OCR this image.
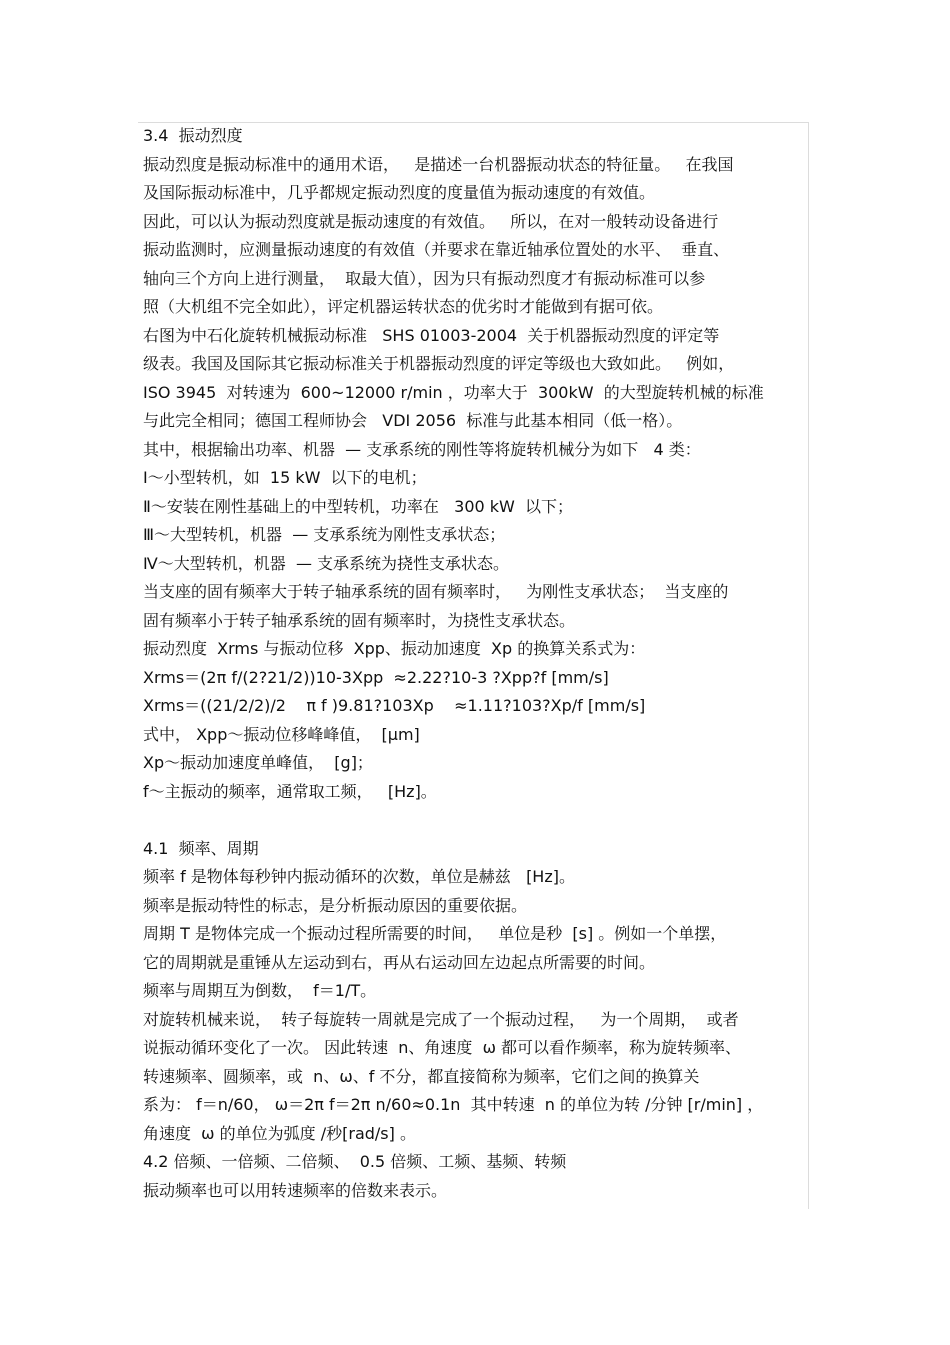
3.4  振动烈度
振动烈度是振动标准中的通用术语，   是描述一台机器振动状态的特征量。   在我国
及国际振动标准中，几乎都规定振动烈度的度量值为振动速度的有效值。
因此，可以认为振动烈度就是振动速度的有效值。   所以，在对一般转动设备进行
振动监测时，应测量振动速度的有效值（并要求在靠近轴承位置处的水平、  垂直、
轴向三个方向上进行测量，  取最大值），因为只有振动烈度才有振动标准可以参
照（大机组不完全如此），评定机器运转状态的优劣时才能做到有据可依。
右图为中石化旋转机械振动标准   SHS 01003-2004  关于机器振动烈度的评定等
级表。我国及国际其它振动标准关于机器振动烈度的评定等级也大致如此。   例如，
ISO 3945  对转速为  600~12000 r/min ，功率大于  300kW  的大型旋转机械的标准
与此完全相同；德国工程师协会   VDI 2056  标准与此基本相同（低一格）。
其中，根据输出功率、机器  — 支承系统的刚性等将旋转机械分为如下   4 类：
Ⅰ～小型转机，如  15 kW  以下的电机；
Ⅱ～安装在刚性基础上的中型转机，功率在   300 kW  以下；
Ⅲ～大型转机，机器  — 支承系统为刚性支承状态；
Ⅳ～大型转机，机器  — 支承系统为挠性支承状态。
当支座的固有频率大于转子轴承系统的固有频率时，   为刚性支承状态；  当支座的
固有频率小于转子轴承系统的固有频率时，为挠性支承状态。
振动烈度  Xrms 与振动位移  Xpp、振动加速度  Xp 的换算关系式为：
Xrms＝(2π f/(2?21/2))10-3Xpp  ≈2.22?10-3 ?Xpp?f [mm/s]
Xrms＝((21/2/2)/2    π f )9.81?103Xp    ≈1.11?103?Xp/f [mm/s]
式中， Xpp～振动位移峰峰值，  [μm]
Xp～振动加速度单峰值，  [g]；
f～主振动的频率，通常取工频，   [Hz]。
4.1  频率、周期
频率 f 是物体每秒钟内振动循环的次数，单位是赫兹   [Hz]。
频率是振动特性的标志，是分析振动原因的重要依据。
周期 T 是物体完成一个振动过程所需要的时间，   单位是秒  [s] 。例如一个单摆，
它的周期就是重锤从左运动到右，再从右运动回左边起点所需要的时间。
频率与周期互为倒数，  f＝1/T。
对旋转机械来说，  转子每旋转一周就是完成了一个振动过程，   为一个周期，  或者
说振动循环变化了一次。 因此转速  n、角速度  ω 都可以看作频率，称为旋转频率、
转速频率、圆频率，或  n、ω、f 不分，都直接简称为频率，它们之间的换算关
系为： f＝n/60， ω＝2π f＝2π n/60≈0.1n  其中转速  n 的单位为转 /分钟 [r/min] ，
角速度  ω 的单位为弧度 /秒[rad/s] 。
4.2 倍频、一倍频、二倍频、  0.5 倍频、工频、基频、转频
振动频率也可以用转速频率的倍数来表示。
